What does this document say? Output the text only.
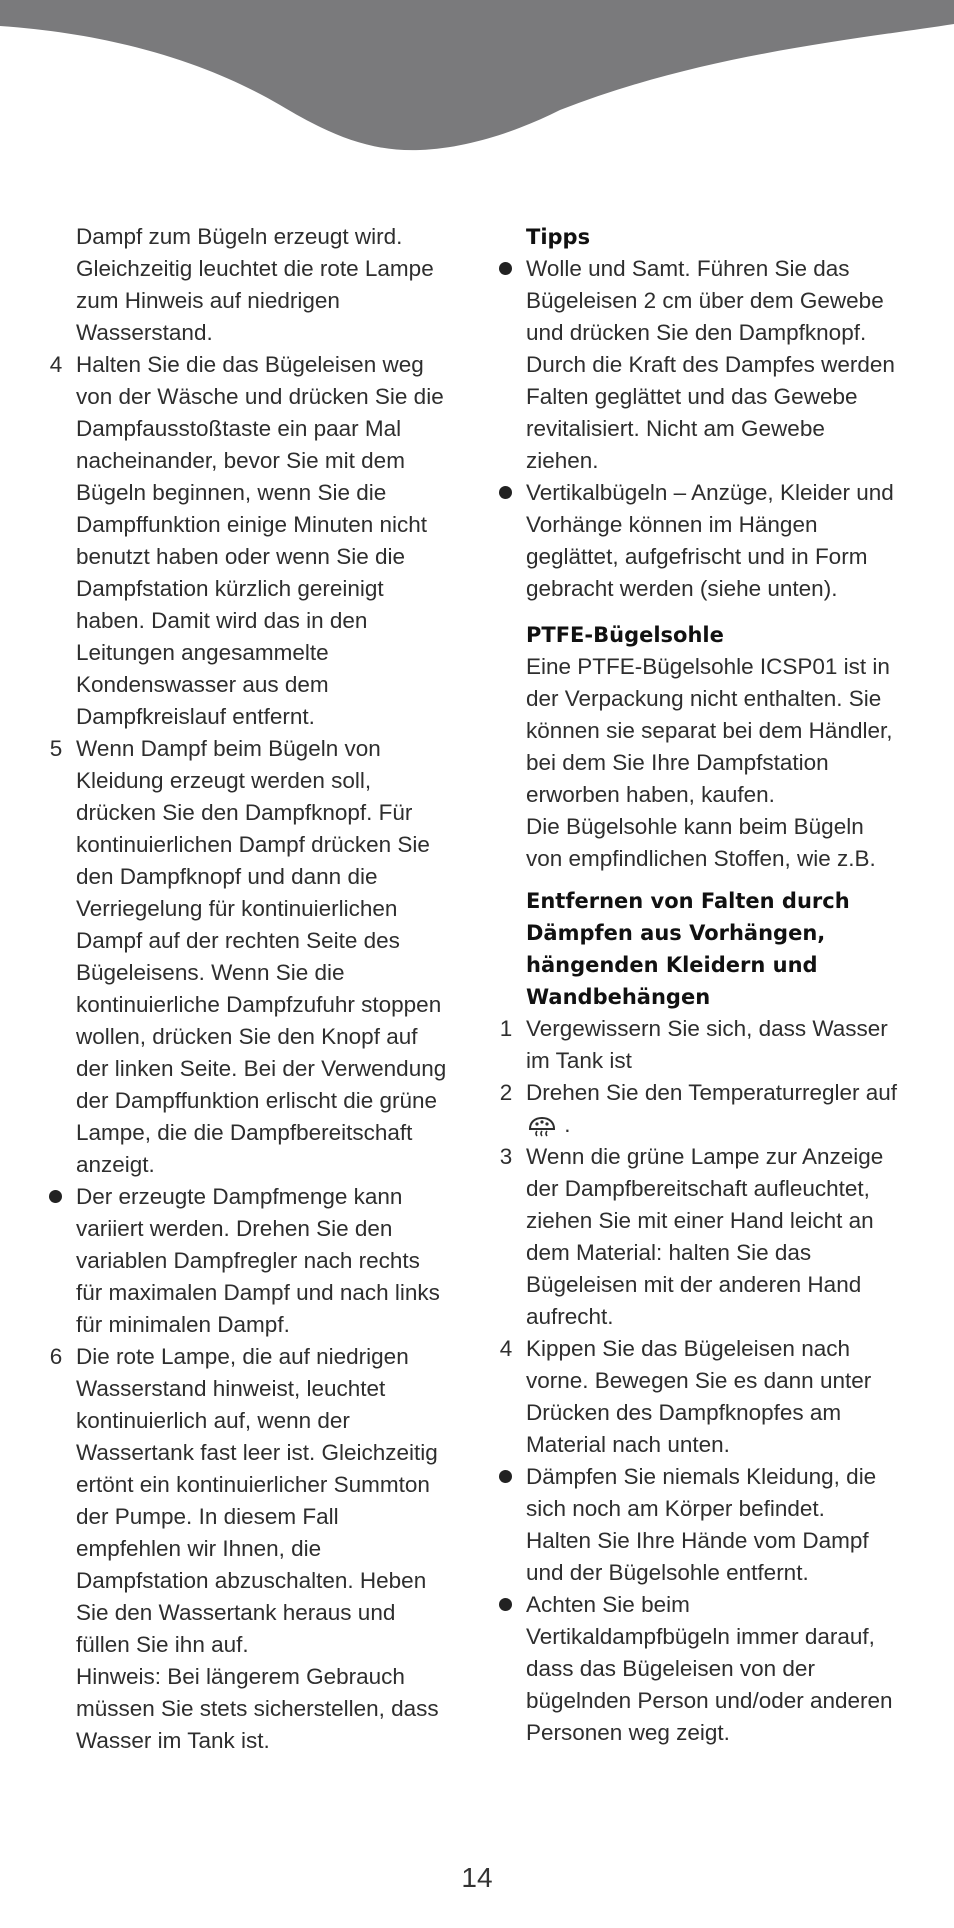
Dampf zum Bügeln erzeugt wird.
Gleichzeitig leuchtet die rote Lampe
zum Hinweis auf niedrigen
Wasserstand.
4 Halten Sie die das Bügeleisen weg
von der Wäsche und drücken Sie die
Dampfausstoßtaste ein paar Mal
nacheinander, bevor Sie mit dem
Bügeln beginnen, wenn Sie die
Dampffunktion einige Minuten nicht
benutzt haben oder wenn Sie die
Dampfstation kürzlich gereinigt
haben. Damit wird das in den
Leitungen angesammelte
Kondenswasser aus dem
Dampfkreislauf entfernt.
5 Wenn Dampf beim Bügeln von
Kleidung erzeugt werden soll,
drücken Sie den Dampfknopf. Für
kontinuierlichen Dampf drücken Sie
den Dampfknopf und dann die
Verriegelung für kontinuierlichen
Dampf auf der rechten Seite des
Bügeleisens. Wenn Sie die
kontinuierliche Dampfzufuhr stoppen
wollen, drücken Sie den Knopf auf
der linken Seite. Bei der Verwendung
der Dampffunktion erlischt die grüne
Lampe, die die Dampfbereitschaft
anzeigt.
Der erzeugte Dampfmenge kann
variiert werden. Drehen Sie den
variablen Dampfregler nach rechts
für maximalen Dampf und nach links
für minimalen Dampf.
6 Die rote Lampe, die auf niedrigen
Wasserstand hinweist, leuchtet
kontinuierlich auf, wenn der
Wassertank fast leer ist. Gleichzeitig
ertönt ein kontinuierlicher Summton
der Pumpe. In diesem Fall
empfehlen wir Ihnen, die
Dampfstation abzuschalten. Heben
Sie den Wassertank heraus und
füllen Sie ihn auf.
Hinweis: Bei längerem Gebrauch
müssen Sie stets sicherstellen, dass
Wasser im Tank ist.
Tipps
Wolle und Samt. Führen Sie das
Bügeleisen 2 cm über dem Gewebe
und drücken Sie den Dampfknopf.
Durch die Kraft des Dampfes werden
Falten geglättet und das Gewebe
revitalisiert. Nicht am Gewebe
ziehen.
Vertikalbügeln – Anzüge, Kleider und
Vorhänge können im Hängen
geglättet, aufgefrischt und in Form
gebracht werden (siehe unten).
PTFE-Bügelsohle
Eine PTFE-Bügelsohle ICSP01 ist in
der Verpackung nicht enthalten. Sie
können sie separat bei dem Händler,
bei dem Sie Ihre Dampfstation
erworben haben, kaufen.
Die Bügelsohle kann beim Bügeln
von empfindlichen Stoffen, wie z.B.
Entfernen von Falten durch
Dämpfen aus Vorhängen,
hängenden Kleidern und
Wandbehängen
1 Vergewissern Sie sich, dass Wasser
im Tank ist
2 Drehen Sie den Temperaturregler auf
.
3 Wenn die grüne Lampe zur Anzeige
der Dampfbereitschaft aufleuchtet,
ziehen Sie mit einer Hand leicht an
dem Material: halten Sie das
Bügeleisen mit der anderen Hand
aufrecht.
4 Kippen Sie das Bügeleisen nach
vorne. Bewegen Sie es dann unter
Drücken des Dampfknopfes am
Material nach unten.
Dämpfen Sie niemals Kleidung, die
sich noch am Körper befindet.
Halten Sie Ihre Hände vom Dampf
und der Bügelsohle entfernt.
Achten Sie beim
Vertikaldampfbügeln immer darauf,
dass das Bügeleisen von der
bügelnden Person und/oder anderen
Personen weg zeigt.
14
